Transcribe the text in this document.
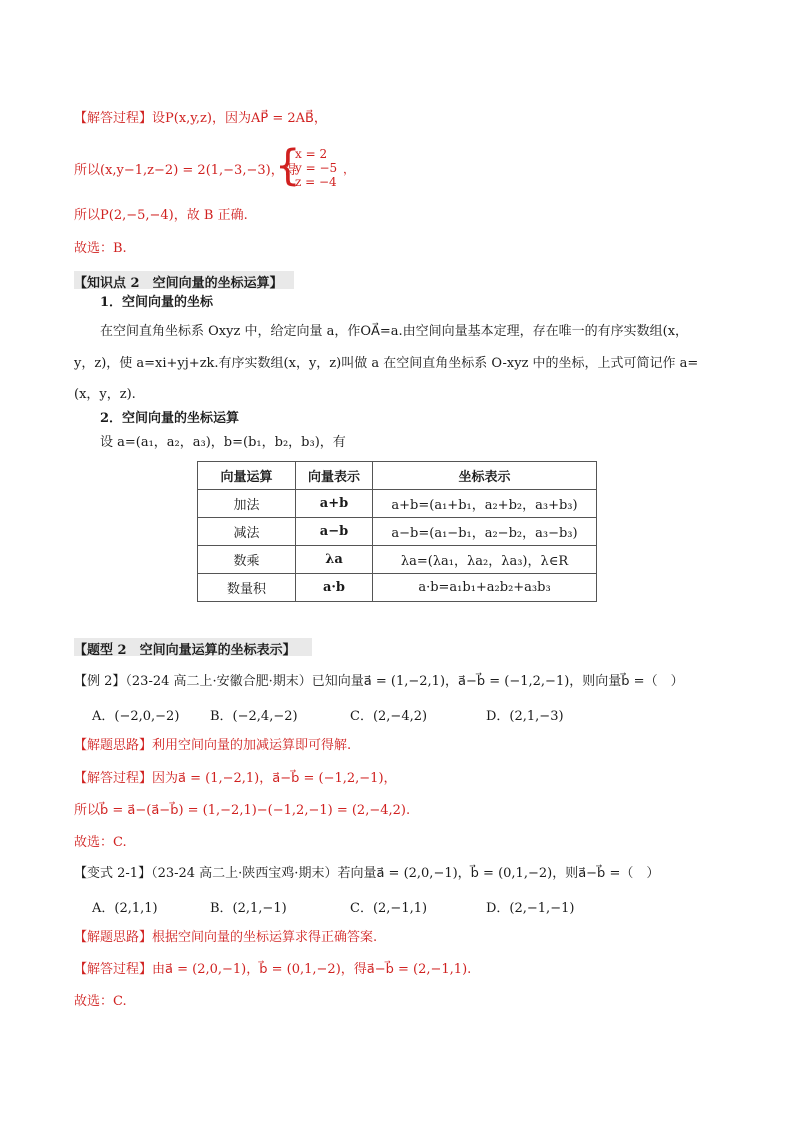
【解答过程】设P(x,y,z)，因为AP⃗ = 2AB⃗，
所以(x,y−1,z−2) = 2(1,−3,−3)，得
{
x = 2
y = −5
z = −4
，
所以P(2,−5,−4)，故 B 正确.
故选：B.
【知识点 2　空间向量的坐标运算】
1．空间向量的坐标
在空间直角坐标系 Oxyz 中，给定向量 a，作OA⃗=a.由空间向量基本定理，存在唯一的有序实数组(x，
y，z)，使 a=xi+yj+zk.有序实数组(x，y，z)叫做 a 在空间直角坐标系 O-xyz 中的坐标，上式可简记作 a=
(x，y，z).
2．空间向量的坐标运算
设 a=(a₁，a₂，a₃)，b=(b₁，b₂，b₃)，有
向量运算	向量表示	坐标表示
加法	a+b	a+b=(a₁+b₁，a₂+b₂，a₃+b₃)
减法	a−b	a−b=(a₁−b₁，a₂−b₂，a₃−b₃)
数乘	λa	λa=(λa₁，λa₂，λa₃)，λ∈R
数量积	a·b	a·b=a₁b₁+a₂b₂+a₃b₃
【题型 2　空间向量运算的坐标表示】
【例 2】（23-24 高二上·安徽合肥·期末）已知向量a⃗ = (1,−2,1)，a⃗−b⃗ = (−1,2,−1)，则向量b⃗ =（　）
A．(−2,0,−2) B．(−2,4,−2)	C．(2,−4,2)	D．(2,1,−3)
【解题思路】利用空间向量的加减运算即可得解.
【解答过程】因为a⃗ = (1,−2,1)，a⃗−b⃗ = (−1,2,−1)，
所以b⃗ = a⃗−(a⃗−b⃗) = (1,−2,1)−(−1,2,−1) = (2,−4,2).
故选：C.
【变式 2-1】（23-24 高二上·陕西宝鸡·期末）若向量a⃗ = (2,0,−1)，b⃗ = (0,1,−2)，则a⃗−b⃗ =（　）
A．(2,1,1)	B．(2,1,−1)	C．(2,−1,1)	D．(2,−1,−1)
【解题思路】根据空间向量的坐标运算求得正确答案.
【解答过程】由a⃗ = (2,0,−1)，b⃗ = (0,1,−2)，得a⃗−b⃗ = (2,−1,1).
故选：C.
